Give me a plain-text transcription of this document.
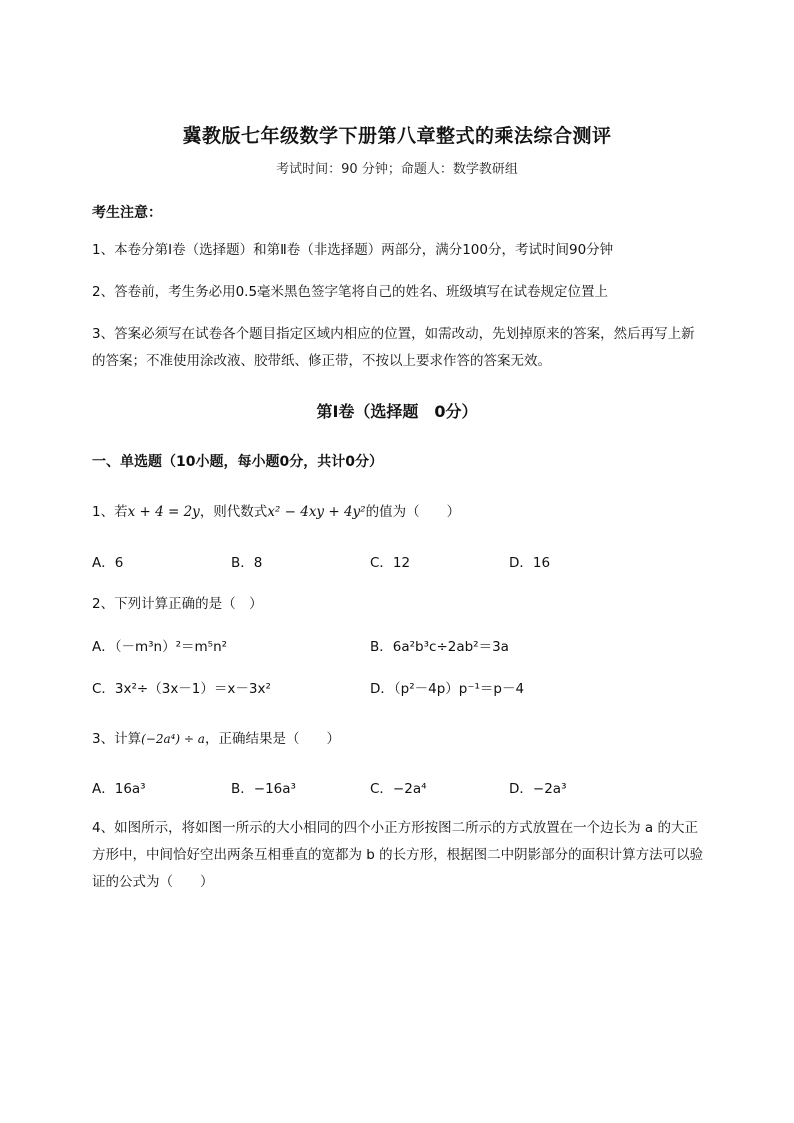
冀教版七年级数学下册第八章整式的乘法综合测评
考试时间：90 分钟；命题人：数学教研组
考生注意：
1、本卷分第Ⅰ卷（选择题）和第Ⅱ卷（非选择题）两部分，满分100分，考试时间90分钟
2、答卷前，考生务必用0.5毫米黑色签字笔将自己的姓名、班级填写在试卷规定位置上
3、答案必须写在试卷各个题目指定区域内相应的位置，如需改动，先划掉原来的答案，然后再写上新的答案；不准使用涂改液、胶带纸、修正带，不按以上要求作答的答案无效。
第Ⅰ卷（选择题　0分）
一、单选题（10小题，每小题0分，共计0分）
1、若x + 4 = 2y，则代数式x² − 4xy + 4y²的值为（　　）
A．6	B．8	C．12	D．16
2、下列计算正确的是（　）
A．（－m³n）²＝m⁵n²	B．6a²b³c÷2ab²＝3a
C．3x²÷（3x－1）＝x－3x²	D．（p²－4p）p⁻¹＝p－4
3、计算(−2a⁴) ÷ a，正确结果是（　　）
A．16a³	B．−16a³	C．−2a⁴	D．−2a³
4、如图所示，将如图一所示的大小相同的四个小正方形按图二所示的方式放置在一个边长为 a 的大正方形中，中间恰好空出两条互相垂直的宽都为 b 的长方形，根据图二中阴影部分的面积计算方法可以验证的公式为（　　）
